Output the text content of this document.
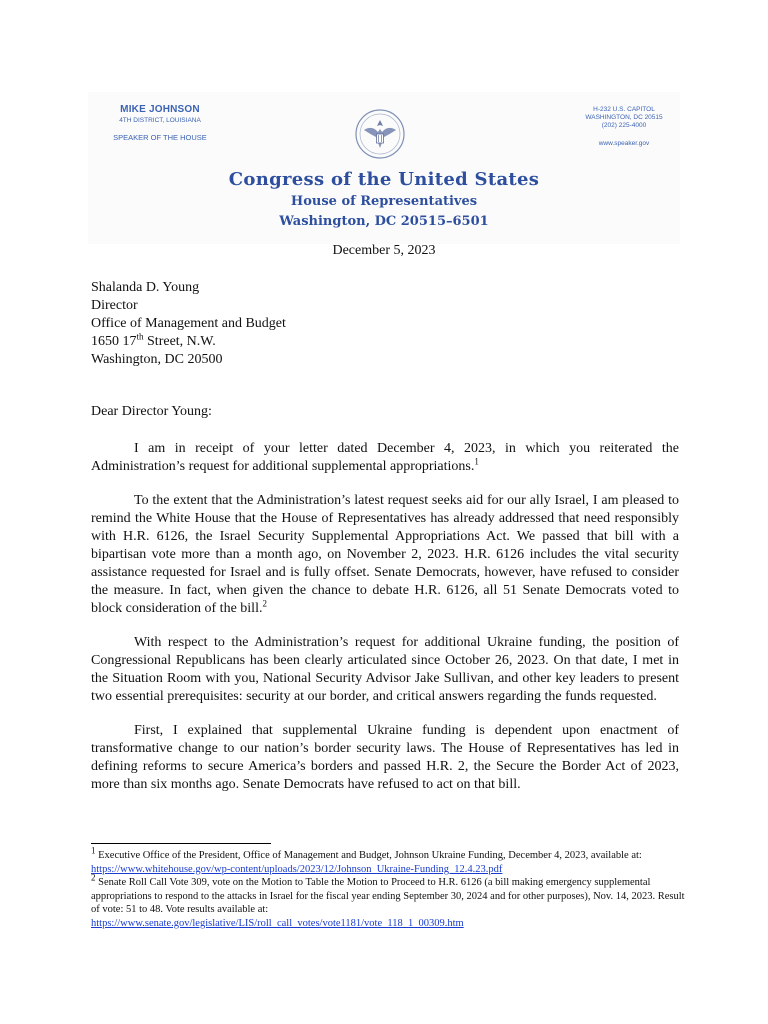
MIKE JOHNSON
4TH DISTRICT, LOUISIANA
SPEAKER OF THE HOUSE
H-232 U.S. CAPITOL
WASHINGTON, DC 20515
(202) 225-4000
www.speaker.gov
Congress of the United States
House of Representatives
Washington, DC 20515–6501
December 5, 2023
Shalanda D. Young
Director
Office of Management and Budget
1650 17th Street, N.W.
Washington, DC 20500
Dear Director Young:

I am in receipt of your letter dated December 4, 2023, in which you reiterated the Administration’s request for additional supplemental appropriations.$^1$

To the extent that the Administration’s latest request seeks aid for our ally Israel, I am pleased to remind the White House that the House of Representatives has already addressed that need responsibly with H.R. 6126, the Israel Security Supplemental Appropriations Act. We passed that bill with a bipartisan vote more than a month ago, on November 2, 2023. H.R. 6126 includes the vital security assistance requested for Israel and is fully offset. Senate Democrats, however, have refused to consider the measure. In fact, when given the chance to debate H.R. 6126, all 51 Senate Democrats voted to block consideration of the bill.$^2$

With respect to the Administration’s request for additional Ukraine funding, the position of Congressional Republicans has been clearly articulated since October 26, 2023. On that date, I met in the Situation Room with you, National Security Advisor Jake Sullivan, and other key leaders to present two essential prerequisites: security at our border, and critical answers regarding the funds requested.

First, I explained that supplemental Ukraine funding is dependent upon enactment of transformative change to our nation’s border security laws. The House of Representatives has led in defining reforms to secure America’s borders and passed H.R. 2, the Secure the Border Act of 2023, more than six months ago. Senate Democrats have refused to act on that bill.

$^1$ Executive Office of the President, Office of Management and Budget, Johnson Ukraine Funding, December 4, 2023, available at:
https://www.whitehouse.gov/wp-content/uploads/2023/12/Johnson_Ukraine-Funding_12.4.23.pdf
$^2$ Senate Roll Call Vote 309, vote on the Motion to Table the Motion to Proceed to H.R. 6126 (a bill making emergency supplemental appropriations to respond to the attacks in Israel for the fiscal year ending September 30, 2024 and for other purposes), Nov. 14, 2023. Result of vote: 51 to 48. Vote results available at:
https://www.senate.gov/legislative/LIS/roll_call_votes/vote1181/vote_118_1_00309.htm
